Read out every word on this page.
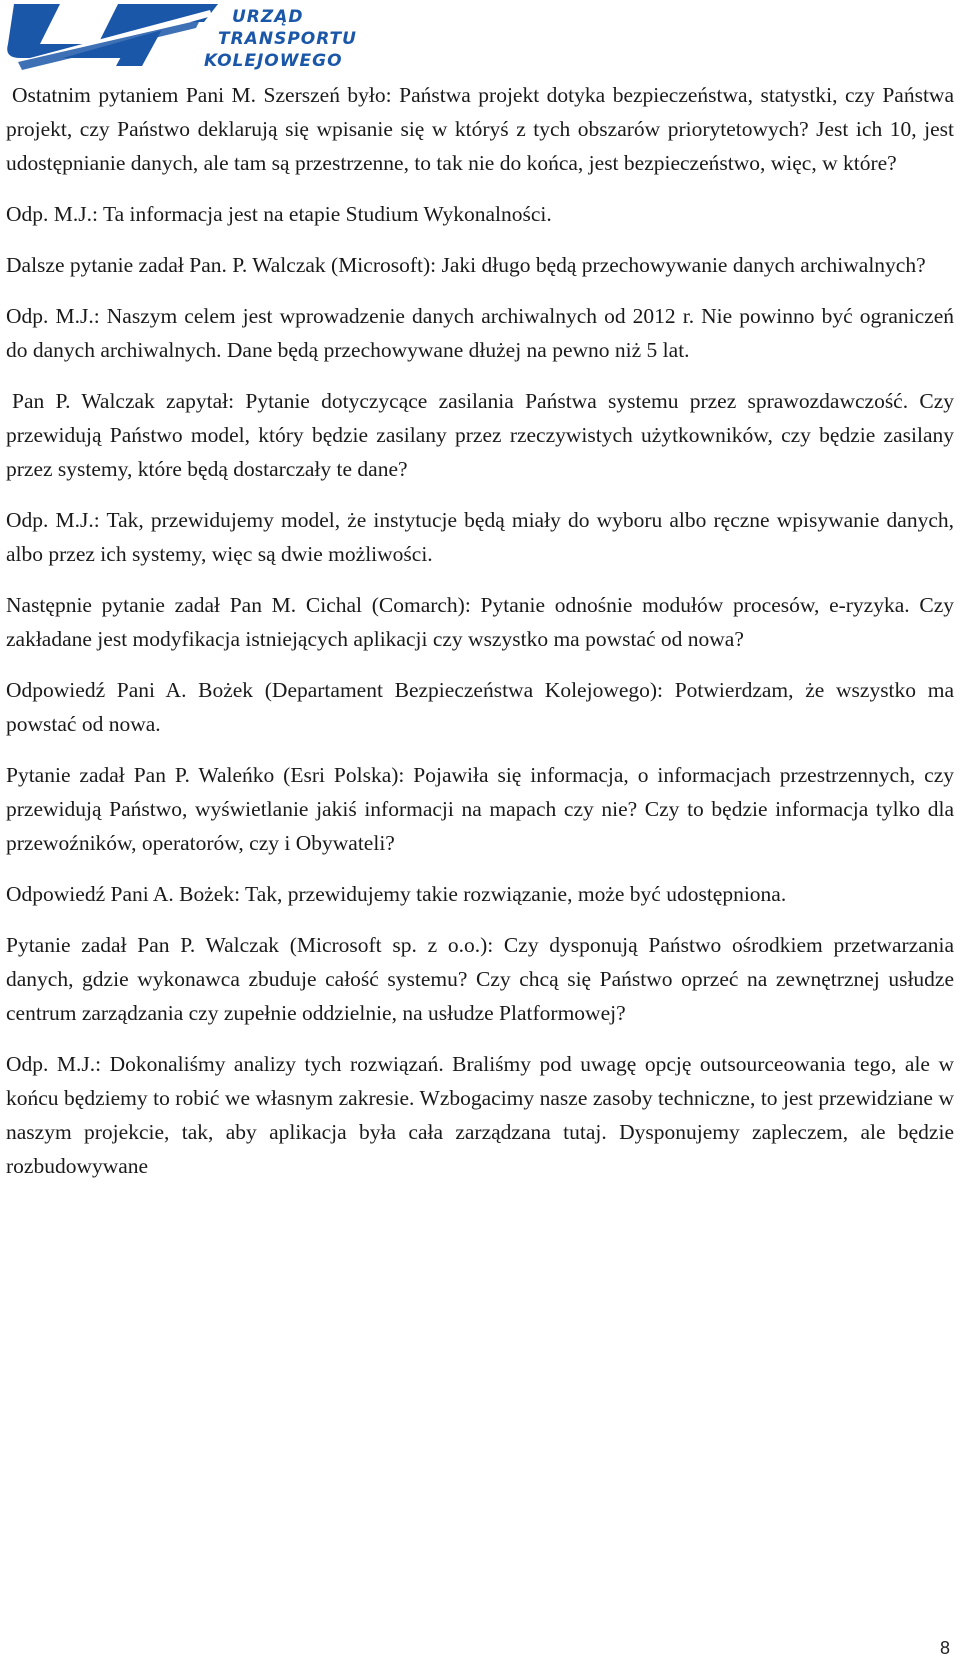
URZĄD
TRANSPORTU
KOLEJOWEGO

Ostatnim pytaniem Pani M. Szerszeń było: Państwa projekt dotyka bezpieczeństwa, statystki, czy Państwa projekt, czy Państwo deklarują się wpisanie się w któryś z tych obszarów priorytetowych? Jest ich 10, jest udostępnianie danych, ale tam są przestrzenne, to tak nie do końca, jest bezpieczeństwo, więc, w które?

Odp. M.J.: Ta informacja jest na etapie Studium Wykonalności.

Dalsze pytanie zadał Pan. P. Walczak (Microsoft): Jaki długo będą przechowywanie danych archiwalnych?

Odp. M.J.: Naszym celem jest wprowadzenie danych archiwalnych od 2012 r. Nie powinno być ograniczeń do danych archiwalnych. Dane będą przechowywane dłużej na pewno niż 5 lat.

Pan P. Walczak zapytał: Pytanie dotyczycące zasilania Państwa systemu przez sprawozdawczość. Czy przewidują Państwo model, który będzie zasilany przez rzeczywistych użytkowników, czy będzie zasilany przez systemy, które będą dostarczały te dane?

Odp. M.J.: Tak, przewidujemy model, że instytucje będą miały do wyboru albo ręczne wpisywanie danych, albo przez ich systemy, więc są dwie możliwości.

Następnie pytanie zadał Pan M. Cichal (Comarch): Pytanie odnośnie modułów procesów, e-ryzyka. Czy zakładane jest modyfikacja istniejących aplikacji czy wszystko ma powstać od nowa?

Odpowiedź Pani A. Bożek (Departament Bezpieczeństwa Kolejowego): Potwierdzam, że wszystko ma powstać od nowa.

Pytanie zadał Pan P. Waleńko (Esri Polska): Pojawiła się informacja, o informacjach przestrzennych, czy przewidują Państwo, wyświetlanie jakiś informacji na mapach czy nie? Czy to będzie informacja tylko dla przewoźników, operatorów, czy i Obywateli?

Odpowiedź Pani A. Bożek: Tak, przewidujemy takie rozwiązanie, może być udostępniona.

Pytanie zadał Pan P. Walczak (Microsoft sp. z o.o.): Czy dysponują Państwo ośrodkiem przetwarzania danych, gdzie wykonawca zbuduje całość systemu? Czy chcą się Państwo oprzeć na zewnętrznej usłudze centrum zarządzania czy zupełnie oddzielnie, na usłudze Platformowej?

Odp. M.J.: Dokonaliśmy analizy tych rozwiązań. Braliśmy pod uwagę opcję outsourceowania tego, ale w końcu będziemy to robić we własnym zakresie. Wzbogacimy nasze zasoby techniczne, to jest przewidziane w naszym projekcie, tak, aby aplikacja była cała zarządzana tutaj. Dysponujemy zapleczem, ale będzie rozbudowywane

8
